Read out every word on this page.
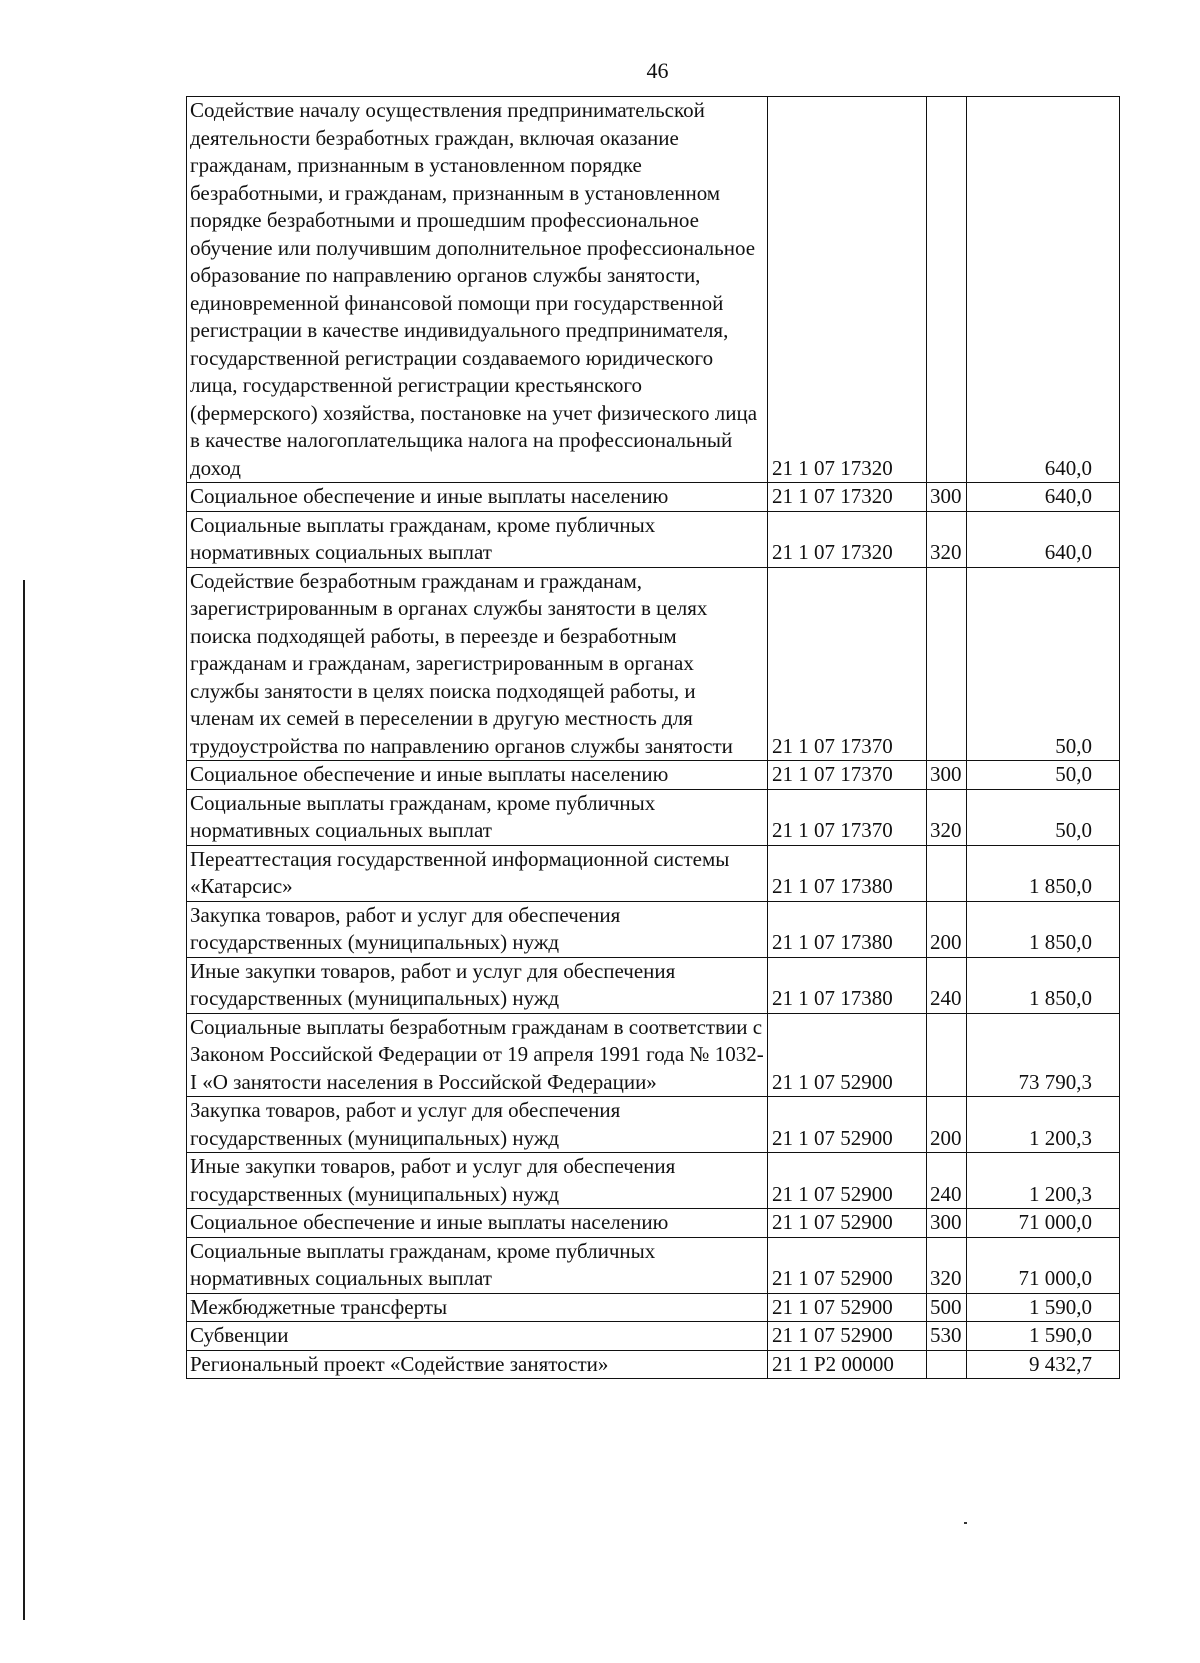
46
Содействие началу осуществления предпринимательской деятельности безработных граждан, включая оказание гражданам, признанным в установленном порядке безработными, и гражданам, признанным в установленном порядке безработными и прошедшим профессиональное обучение или получившим дополнительное профессиональное образование по направлению органов службы занятости, единовременной финансовой помощи при государственной регистрации в качестве индивидуального предпринимателя, государственной регистрации создаваемого юридического лица, государственной регистрации крестьянского (фермерского) хозяйства, постановке на учет физического лица в качестве налогоплательщика налога на профессиональный доход	21 1 07 17320		640,0
Социальное обеспечение и иные выплаты населению	21 1 07 17320	300	640,0
Социальные выплаты гражданам, кроме публичных нормативных социальных выплат	21 1 07 17320	320	640,0
Содействие безработным гражданам и гражданам, зарегистрированным в органах службы занятости в целях поиска подходящей работы, в переезде и безработным гражданам и гражданам, зарегистрированным в органах службы занятости в целях поиска подходящей работы, и членам их семей в переселении в другую местность для трудоустройства по направлению органов службы занятости	21 1 07 17370		50,0
Социальное обеспечение и иные выплаты населению	21 1 07 17370	300	50,0
Социальные выплаты гражданам, кроме публичных нормативных социальных выплат	21 1 07 17370	320	50,0
Переаттестация государственной информационной системы «Катарсис»	21 1 07 17380		1 850,0
Закупка товаров, работ и услуг для обеспечения государственных (муниципальных) нужд	21 1 07 17380	200	1 850,0
Иные закупки товаров, работ и услуг для обеспечения государственных (муниципальных) нужд	21 1 07 17380	240	1 850,0
Социальные выплаты безработным гражданам в соответствии с Законом Российской Федерации от 19 апреля 1991 года № 1032-I «О занятости населения в Российской Федерации»	21 1 07 52900		73 790,3
Закупка товаров, работ и услуг для обеспечения государственных (муниципальных) нужд	21 1 07 52900	200	1 200,3
Иные закупки товаров, работ и услуг для обеспечения государственных (муниципальных) нужд	21 1 07 52900	240	1 200,3
Социальное обеспечение и иные выплаты населению	21 1 07 52900	300	71 000,0
Социальные выплаты гражданам, кроме публичных нормативных социальных выплат	21 1 07 52900	320	71 000,0
Межбюджетные трансферты	21 1 07 52900	500	1 590,0
Субвенции	21 1 07 52900	530	1 590,0
Региональный проект «Содействие занятости»	21 1 Р2 00000		9 432,7
